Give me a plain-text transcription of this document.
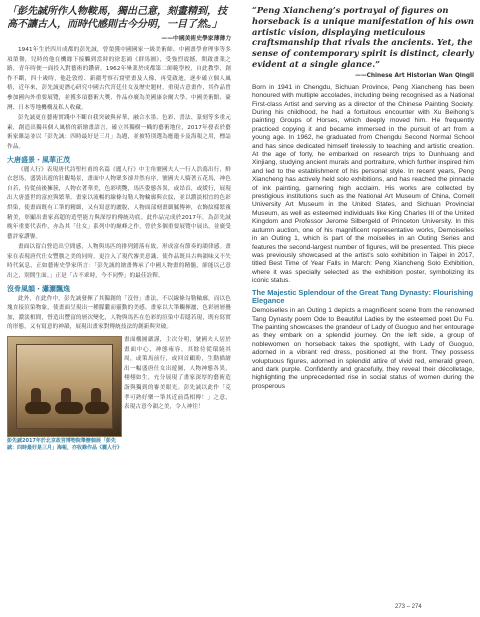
「彭先誠所作人物鞍馬，獨出己意，刻畫精到，技高不讓古人，而時代感則古今分明，一目了然。」

——中國美術史學家薄薄力

1941年生於四川成都的彭先誠，曾榮獲中國國家一級美術師、中國畫學會理事等多項榮譽，兒時的他在機緣下接觸到當時的徐悲鴻《群馬圖》，受強烈震撼，開啟畫業之路，青年時便一面投入對藝術的鑽研。1962年畢業於成都第二師範學校，自此教學、創作不斷，四十歲時，他赴敦煌、新疆考察石窟壁畫及人像，再受啟迪，逐步確立個人風格，近年來，彭先誠更潛心研究中國古代宮廷仕女及歷史題材，重現古意畫作，其作品曾參加國內外重要展覽，並獲多項藝術大獎，作品亦廣為美國康奈爾大學、中國美術館、臺灣、日本等地機構及私人收藏。

彭先誠更在藝術實踐中不斷自我突破與昇華，融合水墨、色彩、書法、篆刻等多重元素，創造出獨具個人風格的新繪畫語言，確立其獨樹一幟的藝術地位，2017年發表於藝術家雜誌並以「彭先誠：四時最好是三月」為題，並被特別選為應邀卡及海報之用，標誌作品。

大唐盛景・風華正茂

《麗人行》表現唐代詩聖杜甫的名篇《麗人行》中主角號國夫人一行人浩蕩出行，鮮衣怒馬，盛裝出遊的壯觀場景，畫面中人物眾多卻井然有序，號國夫人騎著五花馬，神色自若，侍從前後擁簇，人物衣著華美，色彩明艷，馬匹姿態各異，或昂首，或緩行，展現出大唐盛世的富庶與繁華。畫家以流暢的線條勾勒人物輪廓與衣紋，並以濃淡相宜的色彩烘染，使畫面既有工筆的精細，又有寫意的灑脫，人物面部刻畫細膩傳神，衣飾紋樣繁複精美，彰顯出畫家高超的造型能力與深厚的傳統功底。此作品完成於2017年，為彭先誠晚年重要代表作，亦為其「仕女」系列中的巔峰之作，曾於多個重要展覽中展出，並廣受藝評家讚譽。

畫面以留白營造出空間感，人物與馬匹的排列錯落有致，形成富有節奏的韻律感。畫家在表現唐代仕女豐腴之美的同時，更注入了現代審美意識，使作品既具古典韻味又不失時代氣息，正如藝術史學家所言：「彭先誠的繪畫傳承了中國人物畫的精髓，卻能以己意出之，別開生面。」正是「古不乖時，今不同弊」的最佳詮釋。

沒骨風韻・瀟灑飄逸

此外，在此作中，彭先誠發揮了其獨創的「沒骨」畫法，不以線條勾勒輪廓，而以色塊直接渲染物象，使畫面呈現出一種朦朧而靈動的美感。畫家以大筆觸揮灑，色彩層層疊加，濃淡相間，營造出豐富的層次變化，人物與馬匹在色彩的渲染中若隱若現，既有寫實的形態，又有寫意的神韻，展現出畫家對傳統技法的創新與突破。

彭先誠2017年於北京故宮博物院舉辦個展「彭先誠：四時最好是三月」海報，亦收錄作品《麗人行》

畫面構圖嚴謹，主次分明，號國夫人居於畫面中心，神態雍容，其餘侍從環繞其周，或策馬前行，或回首顧盼，生動描繪出一幅盛唐仕女出遊圖，人物神態各異，栩栩如生，充分展現了畫家深厚的藝術造詣與獨到的審美眼光。彭先誠以此作「克孝可熟好樂一筆其近前爲相傳！」之意，表現古意今韻之美，令人神往！

“Peng Xiancheng’s portrayal of figures on horseback is a unique manifestation of his own artistic vision, displaying meticulous craftsmanship that rivals the ancients. Yet, the sense of contemporary spirit is distinct, clearly evident at a single glance.”

——Chinese Art Historian Wan Qingli

Born in 1941 in Chengdu, Sichuan Province, Peng Xiancheng has been honoured with multiple accolades, including being recognised as a National First-class Artist and serving as a director of the Chinese Painting Society. During his childhood, he had a fortuitous encounter with Xu Beihong’s painting Groups of Horses, which deeply moved him. He frequently practiced copying it and became immersed in the pursuit of art from a young age. In 1962, he graduated from Chengdu Second Normal School and has since dedicated himself tirelessly to teaching and artistic creation. At the age of forty, he embarked on research trips to Dunhuang and Xinjiang, studying ancient murals and portraiture, which further inspired him and led to the establishment of his personal style. In recent years, Peng Xiancheng has actively held solo exhibitions, and has reached the pinnacle of ink painting, garnering high acclaim. His works are collected by prestigious institutions such as the National Art Museum of China, Cornell University Art Museum in the United States, and Sichuan Provincial Museum, as well as esteemed individuals like King Charles III of the United Kingdom and Professor Jerome Silbergeld of Princeton University. In this autumn auction, one of his magnificent representative works, Demoiselles in an Outing 1, which is part of the moiselles in an Outing Series and features the second-largest number of figures, will be presented. This piece was previously showcased at the artist’s solo exhibition in Taipei in 2017, titled Best Time of Year Falls in March: Peng Xiancheng Solo Exhibition, where it was specially selected as the exhibition poster, symbolizing its iconic status.

The Majestic Splendour of the Great Tang Dynasty: Flourishing Elegance

Demoiselles in an Outing 1 depicts a magnificent scene from the renowned Tang Dynasty poem Ode to Beautiful Ladies by the esteemed poet Du Fu. The painting showcases the grandeur of Lady of Guoguo and her entourage as they embark on a splendid journey. On the left side, a group of noblewomen on horseback takes the spotlight, with Lady of Guoguo, adorned in a vibrant red dress, positioned at the front. They possess voluptuous figures, adorned in splendid attire of vivid red, emerald green, and dark purple. Confidently and gracefully, they reveal their décolletage, highlighting the unprecedented rise in social status of women during the prosperous

273 – 274
